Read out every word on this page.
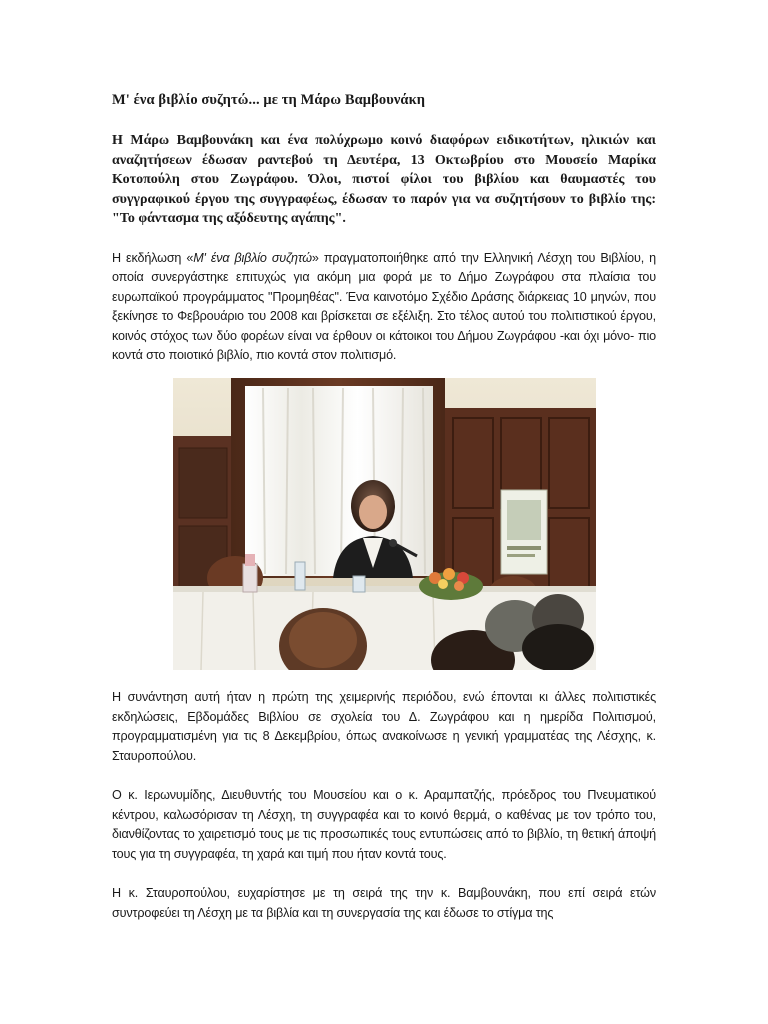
Μ' ένα βιβλίο συζητώ... με τη Μάρω Βαμβουνάκη

Η Μάρω Βαμβουνάκη και ένα πολύχρωμο κοινό διαφόρων ειδικοτήτων, ηλικιών και αναζητήσεων έδωσαν ραντεβού τη Δευτέρα, 13 Οκτωβρίου στο Μουσείο Μαρίκα Κοτοπούλη στου Ζωγράφου. Όλοι, πιστοί φίλοι του βιβλίου και θαυμαστές του συγγραφικού έργου της συγγραφέως, έδωσαν το παρόν για να συζητήσουν το βιβλίο της: "Το φάντασμα της αξόδευτης αγάπης".

Η εκδήλωση «Μ' ένα βιβλίο συζητώ» πραγματοποιήθηκε από την Ελληνική Λέσχη του Βιβλίου, η οποία συνεργάστηκε επιτυχώς για ακόμη μια φορά με το Δήμο Ζωγράφου στα πλαίσια του ευρωπαϊκού προγράμματος "Προμηθέας". Ένα καινοτόμο Σχέδιο Δράσης διάρκειας 10 μηνών, που ξεκίνησε το Φεβρουάριο του 2008 και βρίσκεται σε εξέλιξη. Στο τέλος αυτού του πολιτιστικού έργου, κοινός στόχος των δύο φορέων είναι να έρθουν οι κάτοικοι του Δήμου Ζωγράφου -και όχι μόνο- πιο κοντά στο ποιοτικό βιβλίο, πιο κοντά στον πολιτισμό.

Η συνάντηση αυτή ήταν η πρώτη της χειμερινής περιόδου, ενώ έπονται κι άλλες πολιτιστικές εκδηλώσεις, Εβδομάδες Βιβλίου σε σχολεία του Δ. Ζωγράφου και η ημερίδα Πολιτισμού, προγραμματισμένη για τις 8 Δεκεμβρίου, όπως ανακοίνωσε η γενική γραμματέας της Λέσχης, κ. Σταυροπούλου.

Ο κ. Ιερωνυμίδης, Διευθυντής του Μουσείου και ο κ. Αραμπατζής, πρόεδρος του Πνευματικού κέντρου, καλωσόρισαν τη Λέσχη, τη συγγραφέα και το κοινό θερμά, ο καθένας με τον τρόπο του, διανθίζοντας το χαιρετισμό τους με τις προσωπικές τους εντυπώσεις από το βιβλίο, τη θετική άποψή τους για τη συγγραφέα, τη χαρά και τιμή που ήταν κοντά τους.

Η κ. Σταυροπούλου, ευχαρίστησε με τη σειρά της την κ. Βαμβουνάκη, που επί σειρά ετών συντροφεύει τη Λέσχη με τα βιβλία και τη συνεργασία της και έδωσε το στίγμα της
